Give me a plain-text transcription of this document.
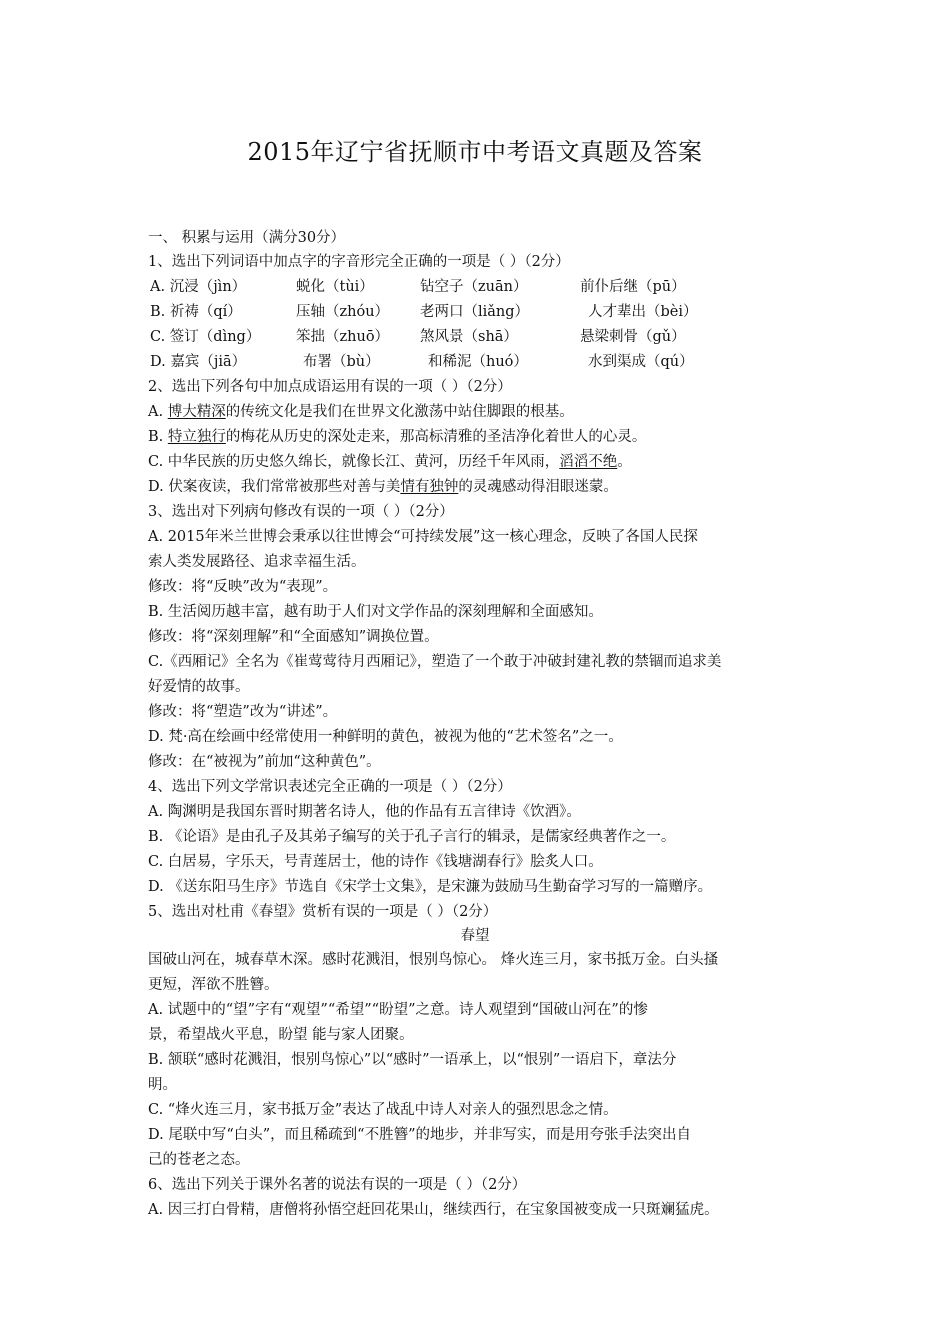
2015年辽宁省抚顺市中考语文真题及答案
一、 积累与运用（满分30分）
1、选出下列词语中加点字的字音形完全正确的一项是（ ）（2分）
A. 沉浸（jìn）	蜕化（tùi）	钻空子（zuān）	前仆后继（pū）
B. 祈祷（qí）	压轴（zhóu） 老两口（liǎng）	人才辈出（bèi）
C. 签订（dìng） 笨拙（zhuō） 煞风景（shā）	悬梁刺骨（gǔ）
D. 嘉宾（jiā）	布署（bù）	和稀泥（huó）	水到渠成（qú）
2、选出下列各句中加点成语运用有误的一项（ ）（2分）
A. 博大精深的传统文化是我们在世界文化激荡中站住脚跟的根基。
B. 特立独行的梅花从历史的深处走来，那高标清雅的圣洁净化着世人的心灵。
C. 中华民族的历史悠久绵长，就像长江、黄河，历经千年风雨，滔滔不绝。
D. 伏案夜读，我们常常被那些对善与美情有独钟的灵魂感动得泪眼迷蒙。
3、选出对下列病句修改有误的一项（ ）（2分）
A. 2015年米兰世博会秉承以往世博会“可持续发展”这一核心理念，反映了各国人民探
索人类发展路径、追求幸福生活。
修改：将“反映”改为“表现”。
B. 生活阅历越丰富，越有助于人们对文学作品的深刻理解和全面感知。
修改：将“深刻理解”和“全面感知”调换位置。
C.《西厢记》全名为《崔莺莺待月西厢记》，塑造了一个敢于冲破封建礼教的禁锢而追求美
好爱情的故事。
修改：将“塑造”改为“讲述”。
D. 梵·高在绘画中经常使用一种鲜明的黄色，被视为他的“艺术签名”之一。
修改：在“被视为”前加“这种黄色”。
4、选出下列文学常识表述完全正确的一项是（ ）（2分）
A. 陶渊明是我国东晋时期著名诗人，他的作品有五言律诗《饮酒》。
B. 《论语》是由孔子及其弟子编写的关于孔子言行的辑录，是儒家经典著作之一。
C. 白居易，字乐天，号青莲居士，他的诗作《钱塘湖春行》脍炙人口。
D. 《送东阳马生序》节选自《宋学士文集》，是宋濂为鼓励马生勤奋学习写的一篇赠序。
5、选出对杜甫《春望》赏析有误的一项是（ ）（2分）
春望
国破山河在，城春草木深。感时花溅泪，恨别鸟惊心。 烽火连三月，家书抵万金。白头搔
更短，浑欲不胜簪。
A. 试题中的“望”字有“观望”“希望”“盼望”之意。诗人观望到“国破山河在”的惨
景，希望战火平息，盼望 能与家人团聚。
B. 颔联“感时花溅泪，恨别鸟惊心”以“感时”一语承上，以“恨别”一语启下，章法分
明。
C. “烽火连三月，家书抵万金”表达了战乱中诗人对亲人的强烈思念之情。
D. 尾联中写“白头”，而且稀疏到“不胜簪”的地步，并非写实，而是用夸张手法突出自
己的苍老之态。
6、选出下列关于课外名著的说法有误的一项是（ ）（2分）
A. 因三打白骨精，唐僧将孙悟空赶回花果山，继续西行，在宝象国被变成一只斑斓猛虎。
